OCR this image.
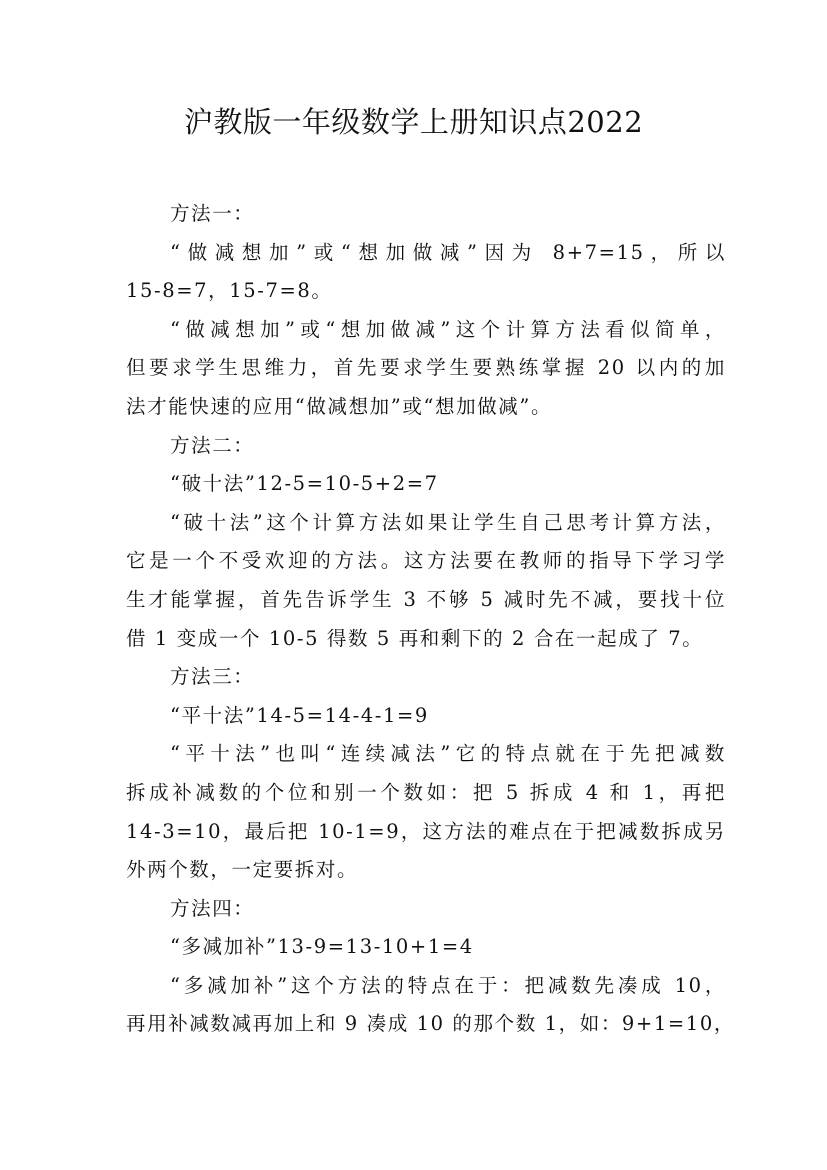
沪教版一年级数学上册知识点2022
方法一：
“做减想加”或“想加做减”因为 8+7=15，所以
15-8=7，15-7=8。
“做减想加”或“想加做减”这个计算方法看似简单，
但要求学生思维力，首先要求学生要熟练掌握 20 以内的加
法才能快速的应用“做减想加”或“想加做减”。
方法二：
“破十法”12-5=10-5+2=7
“破十法”这个计算方法如果让学生自己思考计算方法，
它是一个不受欢迎的方法。这方法要在教师的指导下学习学
生才能掌握，首先告诉学生 3 不够 5 减时先不减，要找十位
借 1 变成一个 10-5 得数 5 再和剩下的 2 合在一起成了 7。
方法三：
“平十法”14-5=14-4-1=9
“平十法”也叫“连续减法”它的特点就在于先把减数
拆成补减数的个位和别一个数如：把 5 拆成 4 和 1，再把
14-3=10，最后把 10-1=9，这方法的难点在于把减数拆成另
外两个数，一定要拆对。
方法四：
“多减加补”13-9=13-10+1=4
“多减加补”这个方法的特点在于：把减数先凑成 10，
再用补减数减再加上和 9 凑成 10 的那个数 1，如：9+1=10，
